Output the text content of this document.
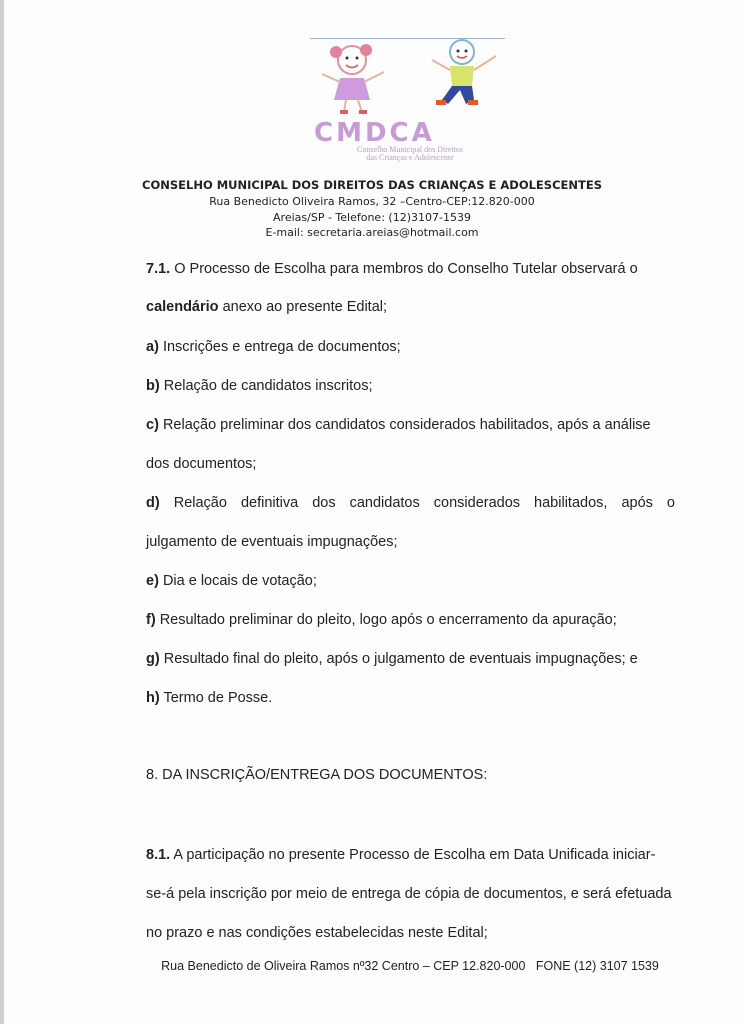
CMDCA
Conselho Municipal dos Direitos
das Crianças e Adolescente
CONSELHO MUNICIPAL DOS DIREITOS DAS CRIANÇAS E ADOLESCENTES
Rua Benedicto Oliveira Ramos, 32 –Centro-CEP:12.820-000
Areias/SP - Telefone: (12)3107-1539
E-mail: secretaria.areias@hotmail.com
7.1. O Processo de Escolha para membros do Conselho Tutelar observará o
calendário anexo ao presente Edital;
a) Inscrições e entrega de documentos;
b) Relação de candidatos inscritos;
c) Relação preliminar dos candidatos considerados habilitados, após a análise
dos documentos;
d) Relação definitiva dos candidatos considerados habilitados, após o
julgamento de eventuais impugnações;
e) Dia e locais de votação;
f) Resultado preliminar do pleito, logo após o encerramento da apuração;
g) Resultado final do pleito, após o julgamento de eventuais impugnações; e
h) Termo de Posse.
8. DA INSCRIÇÃO/ENTREGA DOS DOCUMENTOS:
8.1. A participação no presente Processo de Escolha em Data Unificada iniciar-
se-á pela inscrição por meio de entrega de cópia de documentos, e será efetuada
no prazo e nas condições estabelecidas neste Edital;
Rua Benedicto de Oliveira Ramos nº32 Centro – CEP 12.820-000 FONE (12) 3107 1539
